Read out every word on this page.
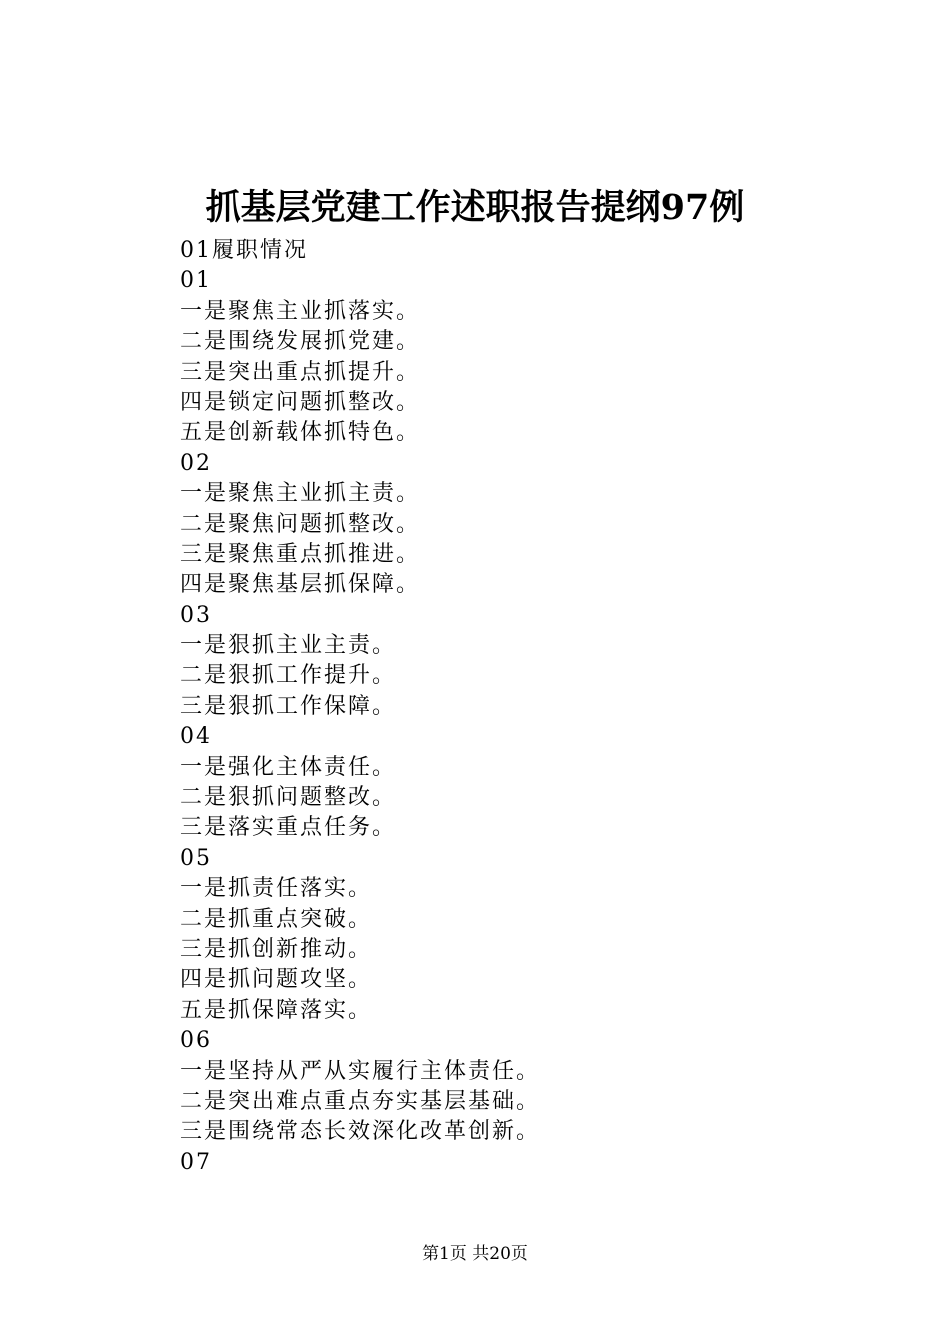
抓基层党建工作述职报告提纲97例
01履职情况
01
一是聚焦主业抓落实。
二是围绕发展抓党建。
三是突出重点抓提升。
四是锁定问题抓整改。
五是创新载体抓特色。
02
一是聚焦主业抓主责。
二是聚焦问题抓整改。
三是聚焦重点抓推进。
四是聚焦基层抓保障。
03
一是狠抓主业主责。
二是狠抓工作提升。
三是狠抓工作保障。
04
一是强化主体责任。
二是狠抓问题整改。
三是落实重点任务。
05
一是抓责任落实。
二是抓重点突破。
三是抓创新推动。
四是抓问题攻坚。
五是抓保障落实。
06
一是坚持从严从实履行主体责任。
二是突出难点重点夯实基层基础。
三是围绕常态长效深化改革创新。
07
第1页 共20页
